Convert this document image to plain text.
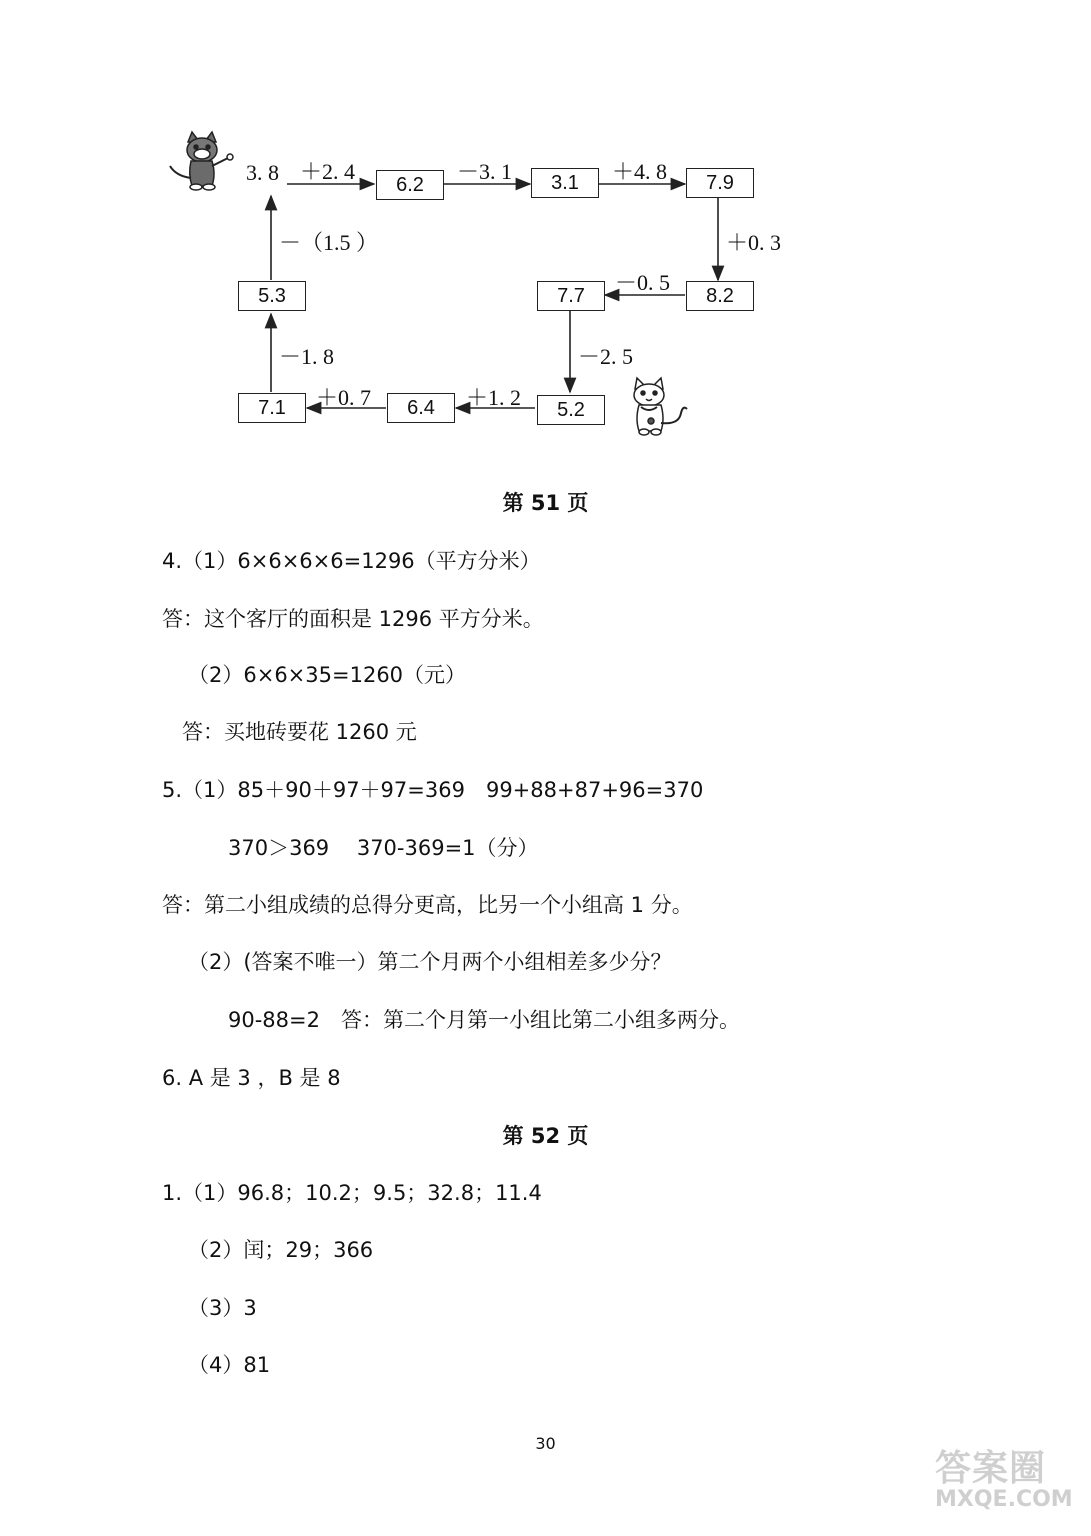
3. 8	6.2	3.1	7.9
8.2
7.7
5.2
6.4
7.1
5.3
＋2. 4	－3. 1	＋4. 8
＋0. 3
－0. 5
－2. 5
＋1. 2
＋0. 7
－1. 8
－（1.5 ）
第 51 页
4.（1）6×6×6×6=1296（平方分米）
答：这个客厅的面积是 1296 平方分米。
（2）6×6×35=1260（元）
答：买地砖要花 1260 元
5.（1）85＋90＋97＋97=369　99+88+87+96=370
370＞369　 370-369=1（分）
答：第二小组成绩的总得分更高，比另一个小组高 1 分。
（2）(答案不唯一）第二个月两个小组相差多少分？
90-88=2　答：第二个月第一小组比第二小组多两分。
6. A 是 3 ，B 是 8
第 52 页
1.（1）96.8；10.2；9.5；32.8；11.4
（2）闰；29；366
（3）3
（4）81
30
答案圈
MXQE.COM
